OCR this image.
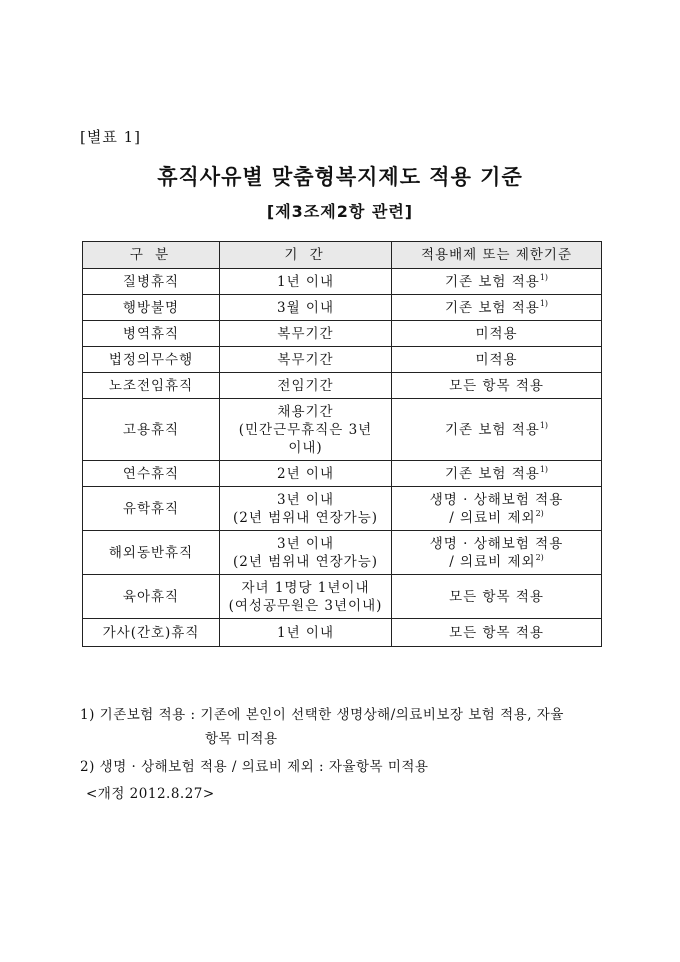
[별표 1]
휴직사유별 맞춤형복지제도 적용 기준
[제3조제2항 관련]
구 분	기 간	적용배제 또는 제한기준
질병휴직	1년 이내	기존 보험 적용$^{1)}$
행방불명	3월 이내	기존 보험 적용$^{1)}$
병역휴직	복무기간	미적용
법정의무수행	복무기간	미적용
노조전임휴직	전임기간	모든 항목 적용
고용휴직	채용기간
(민간근무휴직은 3년
이내)	기존 보험 적용$^{1)}$
연수휴직	2년 이내	기존 보험 적용$^{1)}$
유학휴직	3년 이내
(2년 범위내 연장가능)	생명 · 상해보험 적용
/ 의료비 제외$^{2)}$
해외동반휴직	3년 이내
(2년 범위내 연장가능)	생명 · 상해보험 적용
/ 의료비 제외$^{2)}$
육아휴직	자녀 1명당 1년이내
(여성공무원은 3년이내)	모든 항목 적용
가사(간호)휴직	1년 이내	모든 항목 적용
1) 기존보험 적용 : 기존에 본인이 선택한 생명상해/의료비보장 보험 적용, 자율
항목 미적용
2) 생명 · 상해보험 적용 / 의료비 제외 : 자율항목 미적용
<개정 2012.8.27>
